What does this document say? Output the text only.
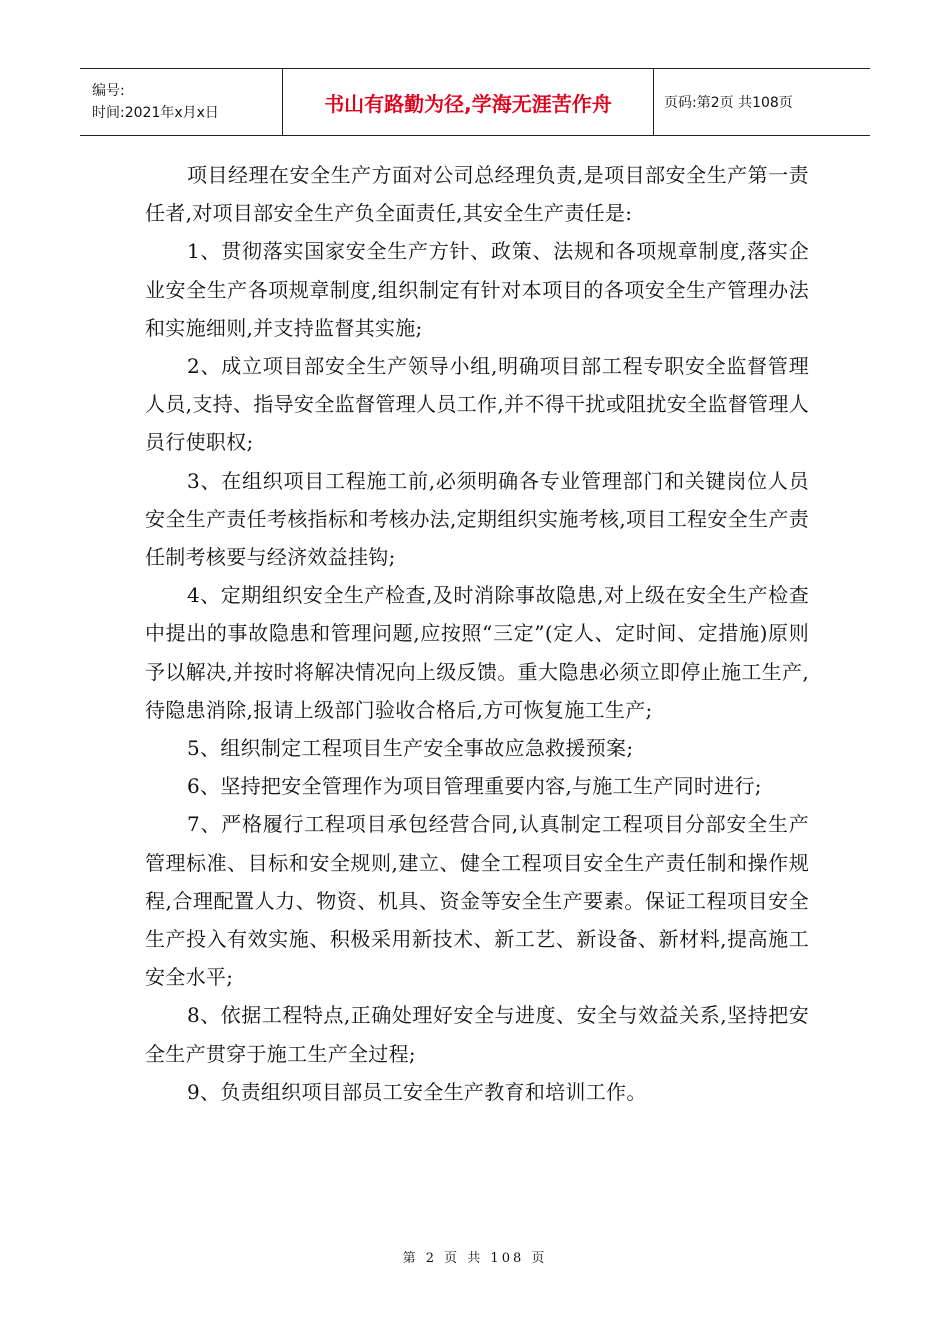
编号:
时间:2021年x月x日	书山有路勤为径,学海无涯苦作舟	页码:第2页 共108页

项目经理在安全生产方面对公司总经理负责,是项目部安全生产第一责任者,对项目部安全生产负全面责任,其安全生产责任是:

1、贯彻落实国家安全生产方针、政策、法规和各项规章制度,落实企业安全生产各项规章制度,组织制定有针对本项目的各项安全生产管理办法和实施细则,并支持监督其实施;

2、成立项目部安全生产领导小组,明确项目部工程专职安全监督管理人员,支持、指导安全监督管理人员工作,并不得干扰或阻扰安全监督管理人员行使职权;

3、在组织项目工程施工前,必须明确各专业管理部门和关键岗位人员安全生产责任考核指标和考核办法,定期组织实施考核,项目工程安全生产责任制考核要与经济效益挂钩;

4、定期组织安全生产检查,及时消除事故隐患,对上级在安全生产检查中提出的事故隐患和管理问题,应按照“三定”(定人、定时间、定措施)原则予以解决,并按时将解决情况向上级反馈。重大隐患必须立即停止施工生产,待隐患消除,报请上级部门验收合格后,方可恢复施工生产;

5、组织制定工程项目生产安全事故应急救援预案;

6、坚持把安全管理作为项目管理重要内容,与施工生产同时进行;

7、严格履行工程项目承包经营合同,认真制定工程项目分部安全生产管理标准、目标和安全规则,建立、健全工程项目安全生产责任制和操作规程,合理配置人力、物资、机具、资金等安全生产要素。保证工程项目安全生产投入有效实施、积极采用新技术、新工艺、新设备、新材料,提高施工安全水平;

8、依据工程特点,正确处理好安全与进度、安全与效益关系,坚持把安全生产贯穿于施工生产全过程;

9、负责组织项目部员工安全生产教育和培训工作。

第 2 页 共 108 页
